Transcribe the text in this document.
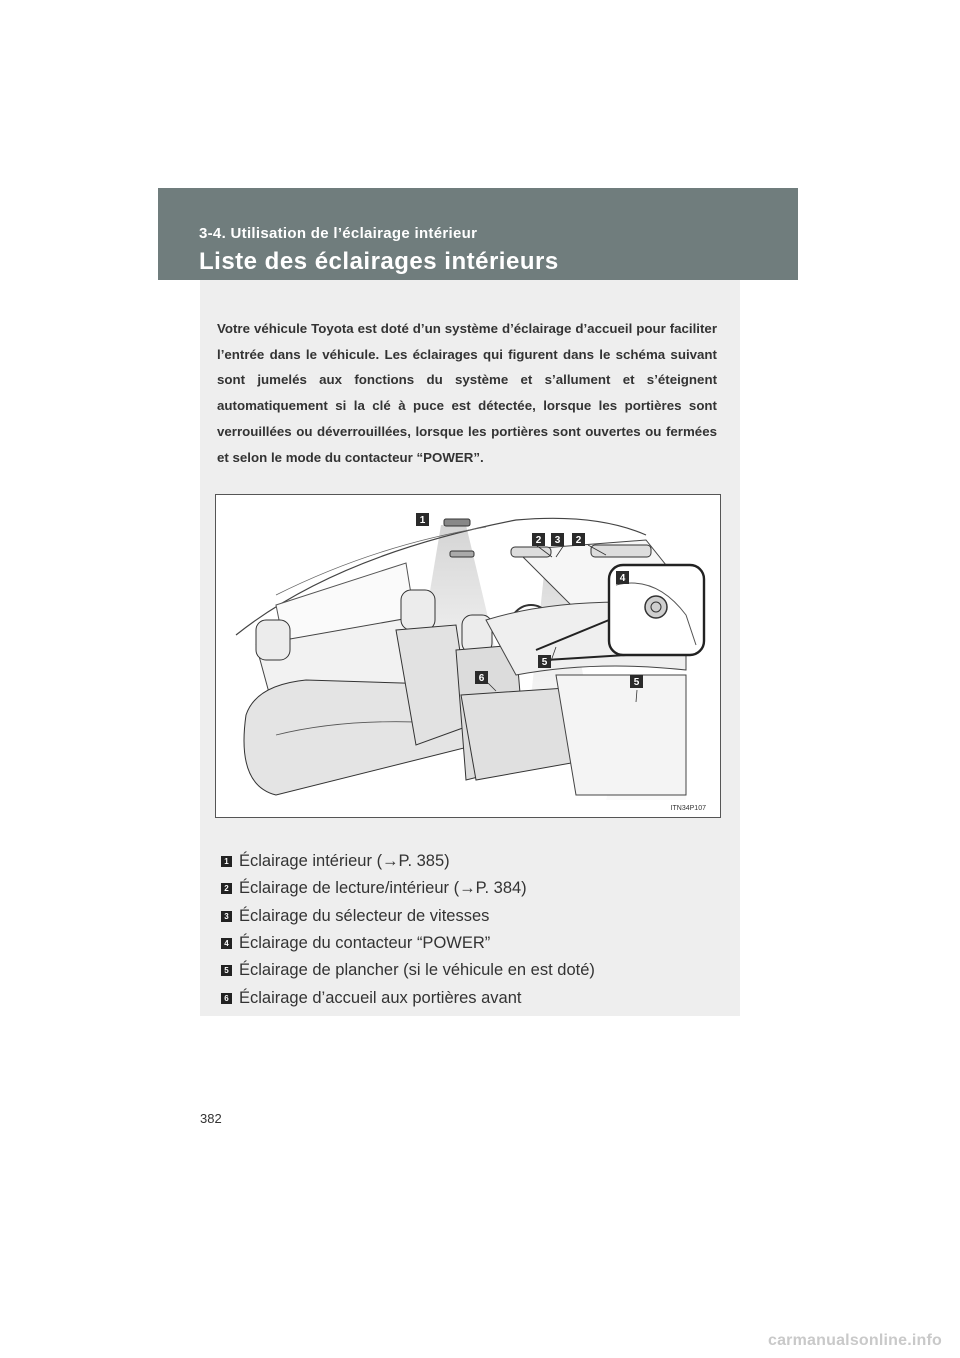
3-4. Utilisation de l’éclairage intérieur
Liste des éclairages intérieurs
Votre véhicule Toyota est doté d’un système d’éclairage d’accueil pour faciliter l’entrée dans le véhicule. Les éclairages qui figurent dans le schéma suivant sont jumelés aux fonctions du système et s’allument et s’éteignent automatiquement si la clé à puce est détectée, lorsque les portières sont verrouillées ou déverrouillées, lorsque les portières sont ouvertes ou fermées et selon le mode du contacteur “POWER”.
1
2 3 2
4
5
6	5
ITN34P107
1 Éclairage intérieur (→P. 385)
2 Éclairage de lecture/intérieur (→P. 384)
3 Éclairage du sélecteur de vitesses
4 Éclairage du contacteur “POWER”
5 Éclairage de plancher (si le véhicule en est doté)
6 Éclairage d’accueil aux portières avant
382
carmanualsonline.info
